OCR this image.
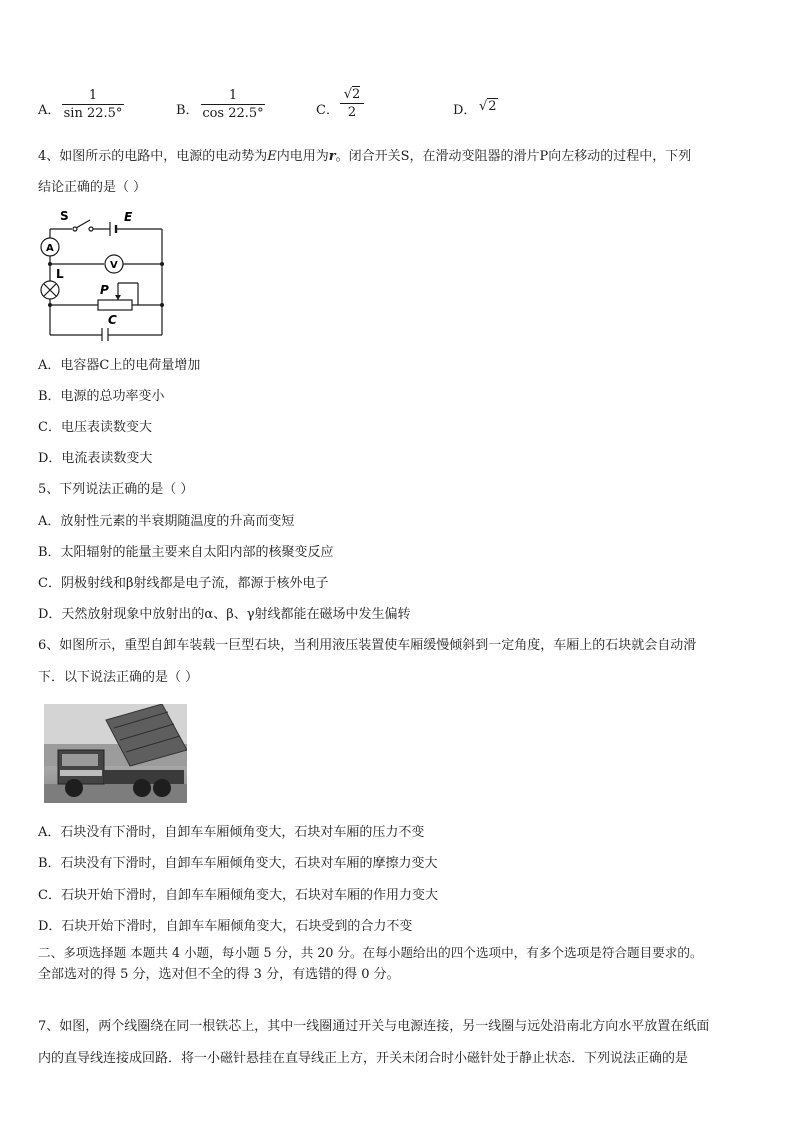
A． $\frac{1}{\sin 22.5^\circ}$	B． $\frac{1}{\cos 22.5^\circ}$	C． $\frac{√2}{2}$	D． √2
4、如图所示的电路中，电源的电动势为E内电用为r。闭合开关S，在滑动变阻器的滑片P向左移动的过程中，下列
结论正确的是（ ）
S	E
A
V
L
P
C
A．电容器C上的电荷量增加
B．电源的总功率变小
C．电压表读数变大
D．电流表读数变大
5、下列说法正确的是（ ）
A．放射性元素的半衰期随温度的升高而变短
B．太阳辐射的能量主要来自太阳内部的核聚变反应
C．阴极射线和β射线都是电子流，都源于核外电子
D．天然放射现象中放射出的α、β、γ射线都能在磁场中发生偏转
6、如图所示，重型自卸车装载一巨型石块，当利用液压装置使车厢缓慢倾斜到一定角度，车厢上的石块就会自动滑
下．以下说法正确的是（ ）
A．石块没有下滑时，自卸车车厢倾角变大，石块对车厢的压力不变
B．石块没有下滑时，自卸车车厢倾角变大，石块对车厢的摩擦力变大
C．石块开始下滑时，自卸车车厢倾角变大，石块对车厢的作用力变大
D．石块开始下滑时，自卸车车厢倾角变大，石块受到的合力不变
二、多项选择题 本题共 4 小题，每小题 5 分，共 20 分。在每小题给出的四个选项中，有多个选项是符合题目要求的。
全部选对的得 5 分，选对但不全的得 3 分，有选错的得 0 分。
7、如图，两个线圈绕在同一根铁芯上，其中一线圈通过开关与电源连接，另一线圈与远处沿南北方向水平放置在纸面
内的直导线连接成回路．将一小磁针悬挂在直导线正上方，开关未闭合时小磁针处于静止状态．下列说法正确的是
